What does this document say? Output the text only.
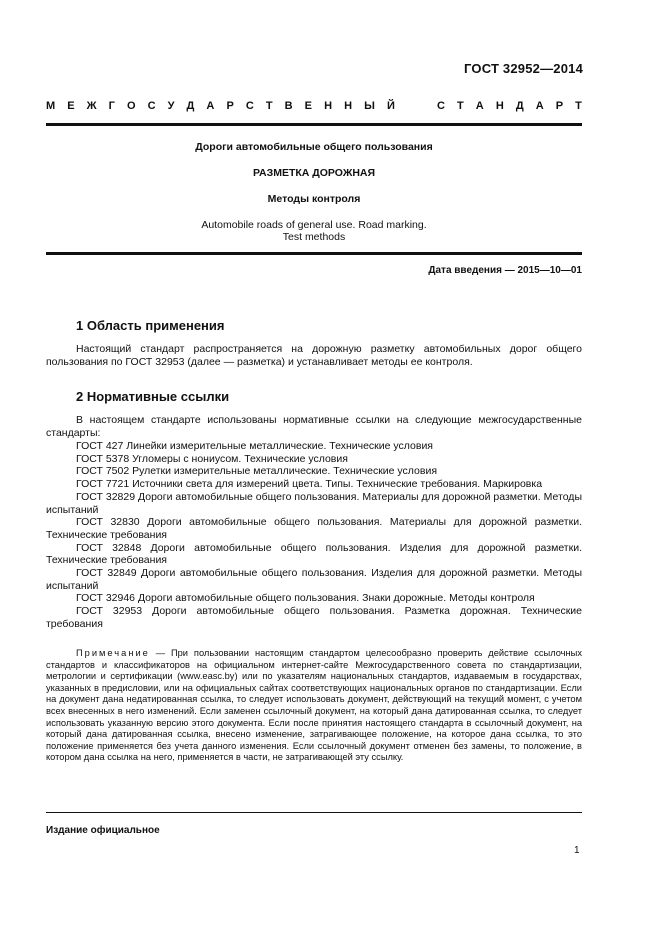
ГОСТ 32952—2014
М Е Ж Г О С У Д А Р С Т В Е Н Н Ы Й	С Т А Н Д А Р Т
Дороги автомобильные общего пользования
РАЗМЕТКА ДОРОЖНАЯ
Методы контроля
Automobile roads of general use. Road marking.
Test methods
Дата введения — 2015—10—01
1 Область применения

Настоящий стандарт распространяется на дорожную разметку автомобильных дорог общего пользования по ГОСТ 32953 (далее — разметка) и устанавливает методы ее контроля.

2 Нормативные ссылки

В настоящем стандарте использованы нормативные ссылки на следующие межгосударственные стандарты:

ГОСТ 427 Линейки измерительные металлические. Технические условия

ГОСТ 5378 Угломеры с нониусом. Технические условия

ГОСТ 7502 Рулетки измерительные металлические. Технические условия

ГОСТ 7721 Источники света для измерений цвета. Типы. Технические требования. Маркировка

ГОСТ 32829 Дороги автомобильные общего пользования. Материалы для дорожной разметки. Методы испытаний

ГОСТ 32830 Дороги автомобильные общего пользования. Материалы для дорожной разметки. Технические требования

ГОСТ 32848 Дороги автомобильные общего пользования. Изделия для дорожной разметки. Технические требования

ГОСТ 32849 Дороги автомобильные общего пользования. Изделия для дорожной разметки. Методы испытаний

ГОСТ 32946 Дороги автомобильные общего пользования. Знаки дорожные. Методы контроля

ГОСТ 32953 Дороги автомобильные общего пользования. Разметка дорожная. Технические требования

Примечание — При пользовании настоящим стандартом целесообразно проверить действие ссылочных стандартов и классификаторов на официальном интернет-сайте Межгосударственного совета по стандартизации, метрологии и сертификации (www.easc.by) или по указателям национальных стандартов, издаваемым в государствах, указанных в предисловии, или на официальных сайтах соответствующих национальных органов по стандартизации. Если на документ дана недатированная ссылка, то следует использовать документ, действующий на текущий момент, с учетом всех внесенных в него изменений. Если заменен ссылочный документ, на который дана датированная ссылка, то следует использовать указанную версию этого документа. Если после принятия настоящего стандарта в ссылочный документ, на который дана датированная ссылка, внесено изменение, затрагивающее положение, на которое дана ссылка, то это положение применяется без учета данного изменения. Если ссылочный документ отменен без замены, то положение, в котором дана ссылка на него, применяется в части, не затрагивающей эту ссылку.
Издание официальное
1
